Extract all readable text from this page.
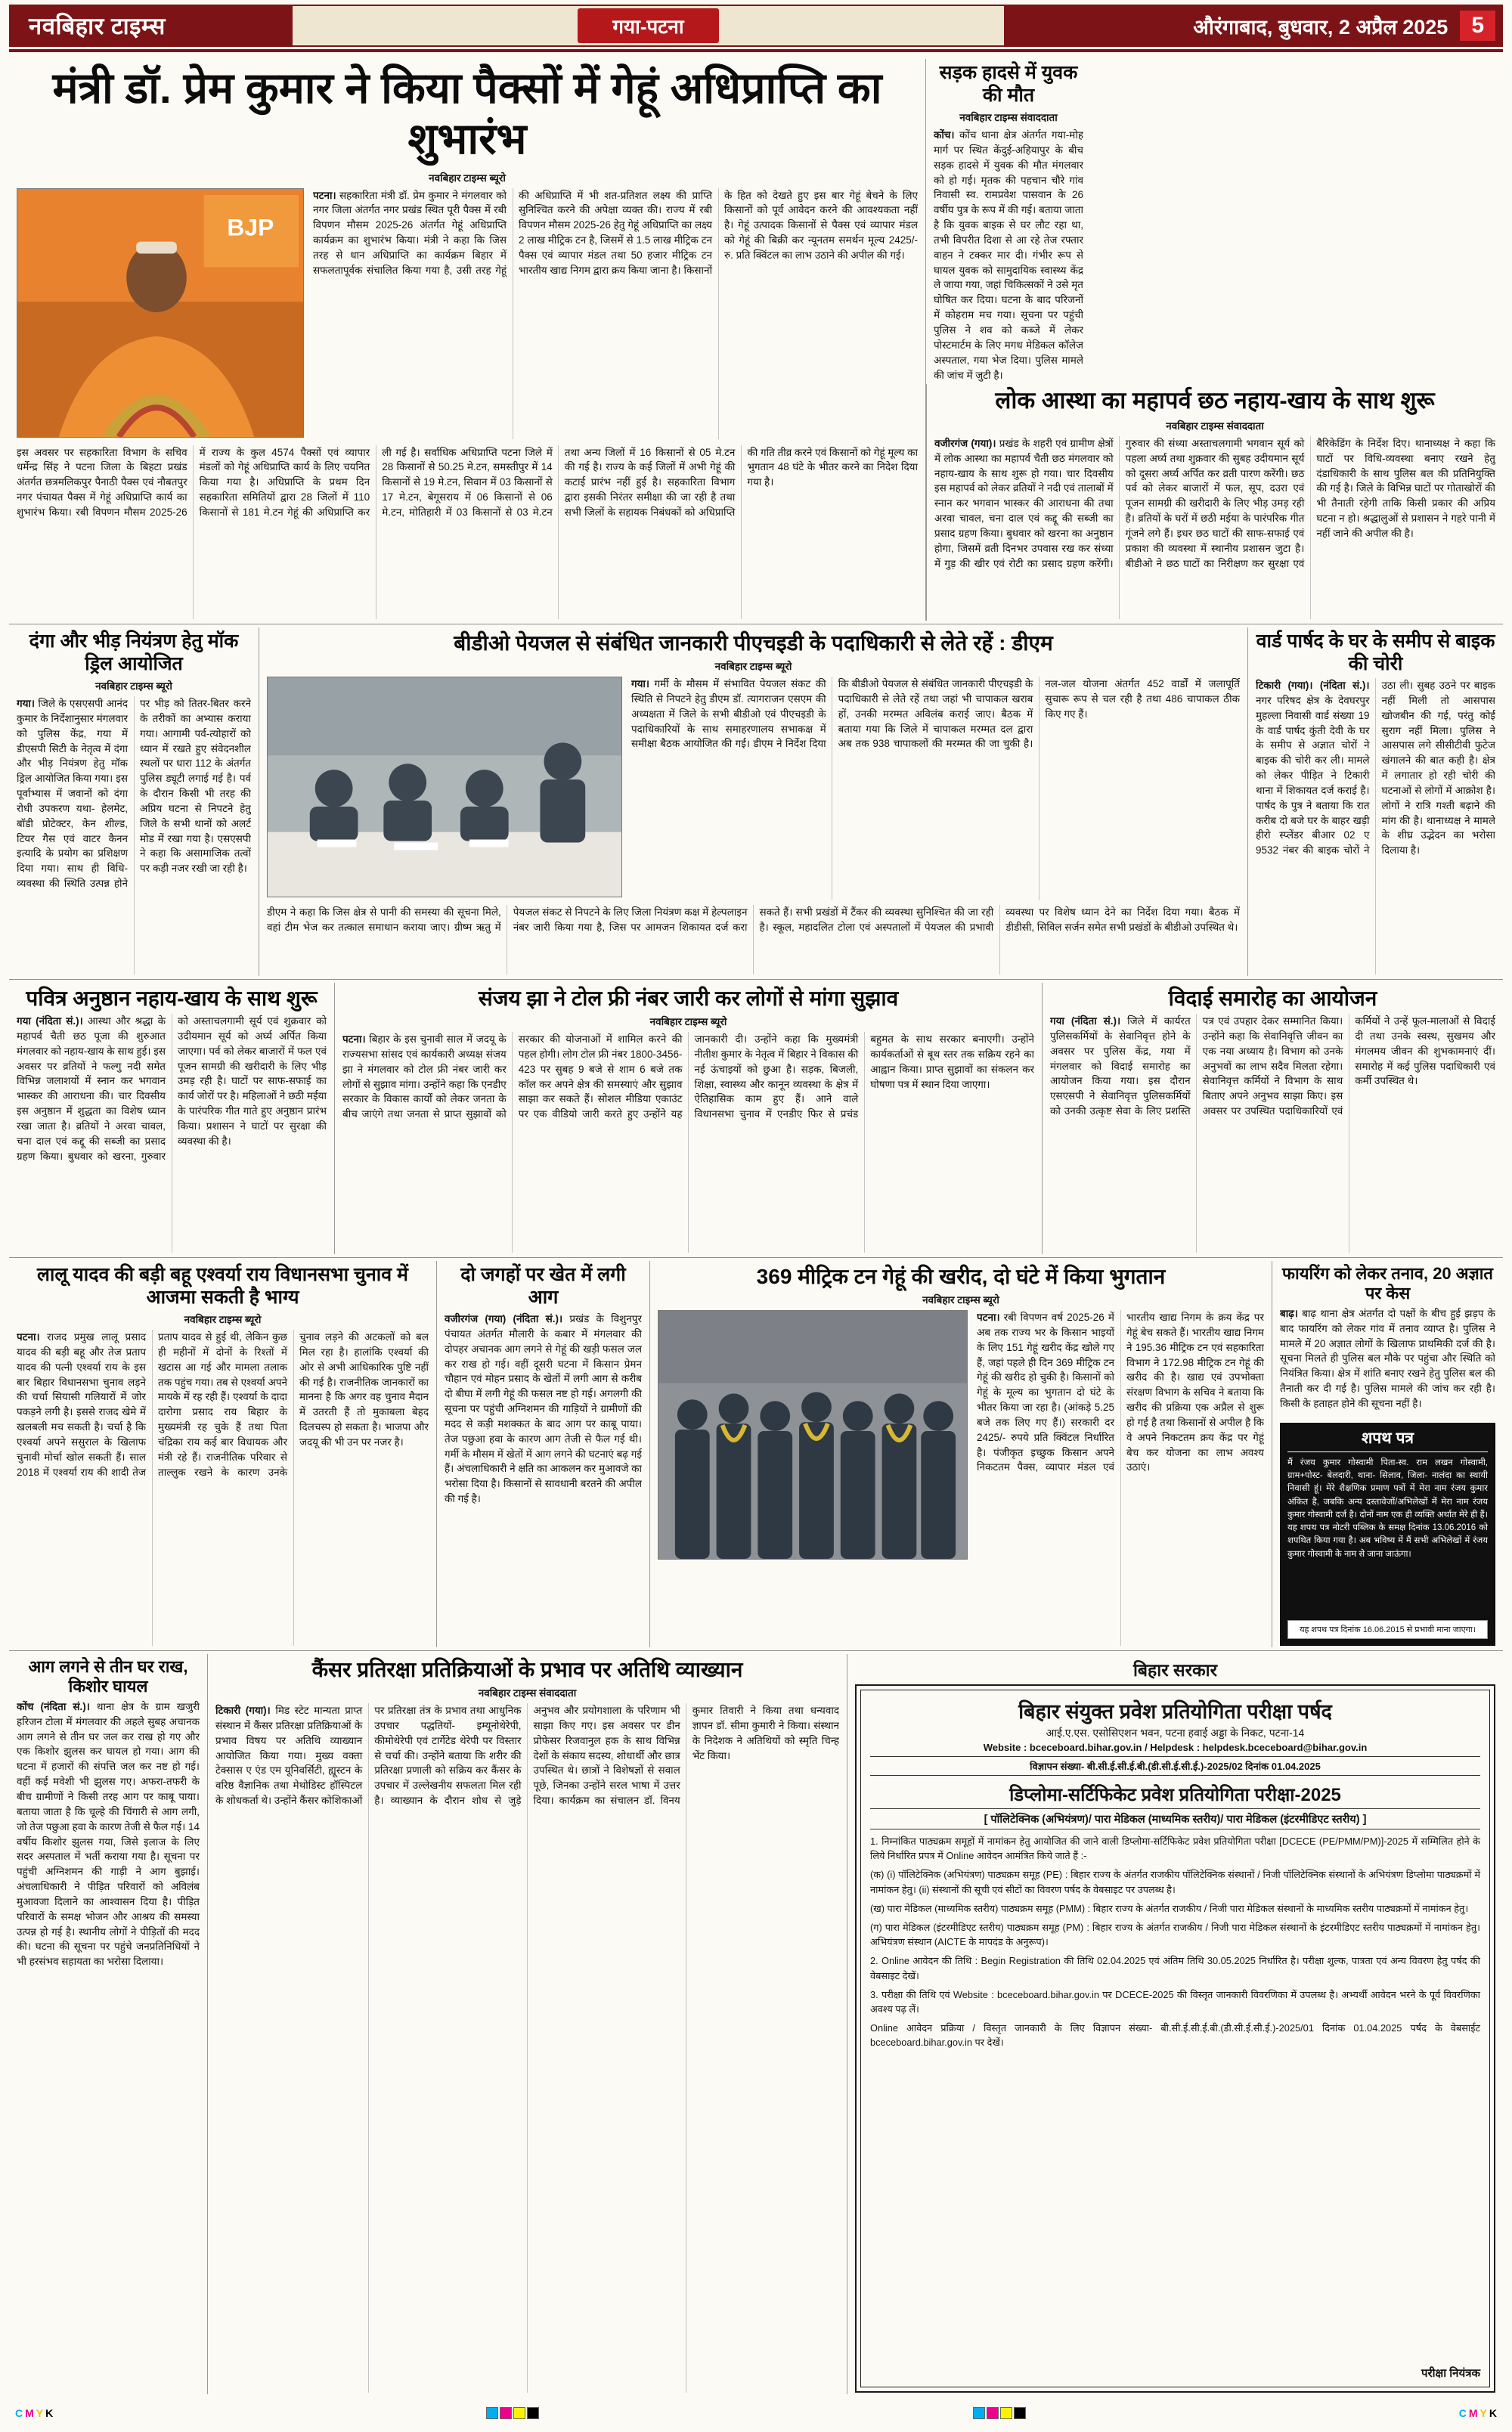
नवबिहार टाइम्स	गया-पटना	औरंगाबाद, बुधवार, 2 अप्रैल 2025	5
मंत्री डॉ. प्रेम कुमार ने किया पैक्सों में गेहूं अधिप्राप्ति का शुभारंभ
नवबिहार टाइम्स ब्यूरो
BJP

पटना। सहकारिता मंत्री डॉ. प्रेम कुमार ने मंगलवार को नगर जिला अंतर्गत नगर प्रखंड स्थित पूरी पैक्स में रबी विपणन मौसम 2025-26 अंतर्गत गेहूं अधिप्राप्ति कार्यक्रम का शुभारंभ किया। मंत्री ने कहा कि जिस तरह से धान अधिप्राप्ति का कार्यक्रम बिहार में सफलतापूर्वक संचालित किया गया है, उसी तरह गेहूं की अधिप्राप्ति में भी शत-प्रतिशत लक्ष्य की प्राप्ति सुनिश्चित करने की अपेक्षा व्यक्त की। राज्य में रबी विपणन मौसम 2025-26 हेतु गेहूं अधिप्राप्ति का लक्ष्य 2 लाख मीट्रिक टन है, जिसमें से 1.5 लाख मीट्रिक टन पैक्स एवं व्यापार मंडल तथा 50 हजार मीट्रिक टन भारतीय खाद्य निगम द्वारा क्रय किया जाना है। किसानों के हित को देखते हुए इस बार गेहूं बेचने के लिए किसानों को पूर्व आवेदन करने की आवश्यकता नहीं है। गेहूं उत्पादक किसानों से पैक्स एवं व्यापार मंडल को गेहूं की बिक्री कर न्यूनतम समर्थन मूल्य 2425/- रु. प्रति क्विंटल का लाभ उठाने की अपील की गई।

इस अवसर पर सहकारिता विभाग के सचिव धर्मेन्द्र सिंह ने पटना जिला के बिहटा प्रखंड अंतर्गत छत्रमलिकपुर पैनाठी पैक्स एवं नौबतपुर नगर पंचायत पैक्स में गेहूं अधिप्राप्ति कार्य का शुभारंभ किया। रबी विपणन मौसम 2025-26 में राज्य के कुल 4574 पैक्सों एवं व्यापार मंडलों को गेहूं अधिप्राप्ति कार्य के लिए चयनित किया गया है। अधिप्राप्ति के प्रथम दिन सहकारिता समितियों द्वारा 28 जिलों में 110 किसानों से 181 मे.टन गेहूं की अधिप्राप्ति कर ली गई है। सर्वाधिक अधिप्राप्ति पटना जिले में 28 किसानों से 50.25 मे.टन, समस्तीपुर में 14 किसानों से 19 मे.टन, सिवान में 03 किसानों से 17 मे.टन, बेगूसराय में 06 किसानों से 06 मे.टन, मोतिहारी में 03 किसानों से 03 मे.टन तथा अन्य जिलों में 16 किसानों से 05 मे.टन की गई है। राज्य के कई जिलों में अभी गेहूं की कटाई प्रारंभ नहीं हुई है। सहकारिता विभाग द्वारा इसकी निरंतर समीक्षा की जा रही है तथा सभी जिलों के सहायक निबंधकों को अधिप्राप्ति की गति तीव्र करने एवं किसानों को गेहूं मूल्य का भुगतान 48 घंटे के भीतर करने का निदेश दिया गया है।

सड़क हादसे में युवक की मौत
नवबिहार टाइम्स संवाददाता

कोंच। कोंच थाना क्षेत्र अंतर्गत गया-मोह मार्ग पर स्थित केंदुई-अहियापुर के बीच सड़क हादसे में युवक की मौत मंगलवार को हो गई। मृतक की पहचान चौरे गांव निवासी स्व. रामप्रवेश पासवान के 26 वर्षीय पुत्र के रूप में की गई। बताया जाता है कि युवक बाइक से घर लौट रहा था, तभी विपरीत दिशा से आ रहे तेज रफ्तार वाहन ने टक्कर मार दी। गंभीर रूप से घायल युवक को सामुदायिक स्वास्थ्य केंद्र ले जाया गया, जहां चिकित्सकों ने उसे मृत घोषित कर दिया। घटना के बाद परिजनों में कोहराम मच गया। सूचना पर पहुंची पुलिस ने शव को कब्जे में लेकर पोस्टमार्टम के लिए मगध मेडिकल कॉलेज अस्पताल, गया भेज दिया। पुलिस मामले की जांच में जुटी है।

लोक आस्था का महापर्व छठ नहाय-खाय के साथ शुरू
नवबिहार टाइम्स संवाददाता

वजीरगंज (गया)। प्रखंड के शहरी एवं ग्रामीण क्षेत्रों में लोक आस्था का महापर्व चैती छठ मंगलवार को नहाय-खाय के साथ शुरू हो गया। चार दिवसीय इस महापर्व को लेकर व्रतियों ने नदी एवं तालाबों में स्नान कर भगवान भास्कर की आराधना की तथा अरवा चावल, चना दाल एवं कद्दू की सब्जी का प्रसाद ग्रहण किया। बुधवार को खरना का अनुष्ठान होगा, जिसमें व्रती दिनभर उपवास रख कर संध्या में गुड़ की खीर एवं रोटी का प्रसाद ग्रहण करेंगी। गुरुवार की संध्या अस्ताचलगामी भगवान सूर्य को पहला अर्घ्य तथा शुक्रवार की सुबह उदीयमान सूर्य को दूसरा अर्घ्य अर्पित कर व्रती पारण करेंगी। छठ पर्व को लेकर बाजारों में फल, सूप, दउरा एवं पूजन सामग्री की खरीदारी के लिए भीड़ उमड़ रही है। व्रतियों के घरों में छठी मईया के पारंपरिक गीत गूंजने लगे हैं। इधर छठ घाटों की साफ-सफाई एवं प्रकाश की व्यवस्था में स्थानीय प्रशासन जुटा है। बीडीओ ने छठ घाटों का निरीक्षण कर सुरक्षा एवं बैरिकेडिंग के निर्देश दिए। थानाध्यक्ष ने कहा कि घाटों पर विधि-व्यवस्था बनाए रखने हेतु दंडाधिकारी के साथ पुलिस बल की प्रतिनियुक्ति की गई है। जिले के विभिन्न घाटों पर गोताखोरों की भी तैनाती रहेगी ताकि किसी प्रकार की अप्रिय घटना न हो। श्रद्धालुओं से प्रशासन ने गहरे पानी में नहीं जाने की अपील की है।

दंगा और भीड़ नियंत्रण हेतु मॉक ड्रिल आयोजित
नवबिहार टाइम्स ब्यूरो

गया। जिले के एसएसपी आनंद कुमार के निर्देशानुसार मंगलवार को पुलिस केंद्र, गया में डीएसपी सिटी के नेतृत्व में दंगा और भीड़ नियंत्रण हेतु मॉक ड्रिल आयोजित किया गया। इस पूर्वाभ्यास में जवानों को दंगा रोधी उपकरण यथा- हेलमेट, बॉडी प्रोटेक्टर, केन शील्ड, टियर गैस एवं वाटर कैनन इत्यादि के प्रयोग का प्रशिक्षण दिया गया। साथ ही विधि-व्यवस्था की स्थिति उत्पन्न होने पर भीड़ को तितर-बितर करने के तरीकों का अभ्यास कराया गया। आगामी पर्व-त्योहारों को ध्यान में रखते हुए संवेदनशील स्थलों पर धारा 112 के अंतर्गत पुलिस ड्यूटी लगाई गई है। पर्व के दौरान किसी भी तरह की अप्रिय घटना से निपटने हेतु जिले के सभी थानों को अलर्ट मोड में रखा गया है। एसएसपी ने कहा कि असामाजिक तत्वों पर कड़ी नजर रखी जा रही है।

बीडीओ पेयजल से संबंधित जानकारी पीएचइडी के पदाधिकारी से लेते रहें : डीएम
नवबिहार टाइम्स ब्यूरो

गया। गर्मी के मौसम में संभावित पेयजल संकट की स्थिति से निपटने हेतु डीएम डॉ. त्यागराजन एसएम की अध्यक्षता में जिले के सभी बीडीओ एवं पीएचइडी के पदाधिकारियों के साथ समाहरणालय सभाकक्ष में समीक्षा बैठक आयोजित की गई। डीएम ने निर्देश दिया कि बीडीओ पेयजल से संबंधित जानकारी पीएचइडी के पदाधिकारी से लेते रहें तथा जहां भी चापाकल खराब हों, उनकी मरम्मत अविलंब कराई जाए। बैठक में बताया गया कि जिले में चापाकल मरम्मत दल द्वारा अब तक 938 चापाकलों की मरम्मत की जा चुकी है। नल-जल योजना अंतर्गत 452 वार्डों में जलापूर्ति सुचारू रूप से चल रही है तथा 486 चापाकल ठीक किए गए हैं।

डीएम ने कहा कि जिस क्षेत्र से पानी की समस्या की सूचना मिले, वहां टीम भेज कर तत्काल समाधान कराया जाए। ग्रीष्म ऋतु में पेयजल संकट से निपटने के लिए जिला नियंत्रण कक्ष में हेल्पलाइन नंबर जारी किया गया है, जिस पर आमजन शिकायत दर्ज करा सकते हैं। सभी प्रखंडों में टैंकर की व्यवस्था सुनिश्चित की जा रही है। स्कूल, महादलित टोला एवं अस्पतालों में पेयजल की प्रभावी व्यवस्था पर विशेष ध्यान देने का निर्देश दिया गया। बैठक में डीडीसी, सिविल सर्जन समेत सभी प्रखंडों के बीडीओ उपस्थित थे।

वार्ड पार्षद के घर के समीप से बाइक की चोरी

टिकारी (गया)। (नंदिता सं.)। नगर परिषद क्षेत्र के देवघरपुर मुहल्ला निवासी वार्ड संख्या 19 के वार्ड पार्षद कुंती देवी के घर के समीप से अज्ञात चोरों ने बाइक की चोरी कर ली। मामले को लेकर पीड़ित ने टिकारी थाना में शिकायत दर्ज कराई है। पार्षद के पुत्र ने बताया कि रात करीब दो बजे घर के बाहर खड़ी हीरो स्प्लेंडर बीआर 02 ए 9532 नंबर की बाइक चोरों ने उठा ली। सुबह उठने पर बाइक नहीं मिली तो आसपास खोजबीन की गई, परंतु कोई सुराग नहीं मिला। पुलिस ने आसपास लगे सीसीटीवी फुटेज खंगालने की बात कही है। क्षेत्र में लगातार हो रही चोरी की घटनाओं से लोगों में आक्रोश है। लोगों ने रात्रि गश्ती बढ़ाने की मांग की है। थानाध्यक्ष ने मामले के शीघ्र उद्भेदन का भरोसा दिलाया है।

पवित्र अनुष्ठान नहाय-खाय के साथ शुरू

गया (नंदिता सं.)। आस्था और श्रद्धा के महापर्व चैती छठ पूजा की शुरुआत मंगलवार को नहाय-खाय के साथ हुई। इस अवसर पर व्रतियों ने फल्गु नदी समेत विभिन्न जलाशयों में स्नान कर भगवान भास्कर की आराधना की। चार दिवसीय इस अनुष्ठान में शुद्धता का विशेष ध्यान रखा जाता है। व्रतियों ने अरवा चावल, चना दाल एवं कद्दू की सब्जी का प्रसाद ग्रहण किया। बुधवार को खरना, गुरुवार को अस्ताचलगामी सूर्य एवं शुक्रवार को उदीयमान सूर्य को अर्घ्य अर्पित किया जाएगा। पर्व को लेकर बाजारों में फल एवं पूजन सामग्री की खरीदारी के लिए भीड़ उमड़ रही है। घाटों पर साफ-सफाई का कार्य जोरों पर है। महिलाओं ने छठी मईया के पारंपरिक गीत गाते हुए अनुष्ठान प्रारंभ किया। प्रशासन ने घाटों पर सुरक्षा की व्यवस्था की है।

संजय झा ने टोल फ्री नंबर जारी कर लोगों से मांगा सुझाव
नवबिहार टाइम्स ब्यूरो

पटना। बिहार के इस चुनावी साल में जदयू के राज्यसभा सांसद एवं कार्यकारी अध्यक्ष संजय झा ने मंगलवार को टोल फ्री नंबर जारी कर लोगों से सुझाव मांगा। उन्होंने कहा कि एनडीए सरकार के विकास कार्यों को लेकर जनता के बीच जाएंगे तथा जनता से प्राप्त सुझावों को सरकार की योजनाओं में शामिल करने की पहल होगी। लोग टोल फ्री नंबर 1800-3456-423 पर सुबह 9 बजे से शाम 6 बजे तक कॉल कर अपने क्षेत्र की समस्याएं और सुझाव साझा कर सकते हैं। सोशल मीडिया एकाउंट पर एक वीडियो जारी करते हुए उन्होंने यह जानकारी दी। उन्होंने कहा कि मुख्यमंत्री नीतीश कुमार के नेतृत्व में बिहार ने विकास की नई ऊंचाइयों को छुआ है। सड़क, बिजली, शिक्षा, स्वास्थ्य और कानून व्यवस्था के क्षेत्र में ऐतिहासिक काम हुए हैं। आने वाले विधानसभा चुनाव में एनडीए फिर से प्रचंड बहुमत के साथ सरकार बनाएगी। उन्होंने कार्यकर्ताओं से बूथ स्तर तक सक्रिय रहने का आह्वान किया। प्राप्त सुझावों का संकलन कर घोषणा पत्र में स्थान दिया जाएगा।

विदाई समारोह का आयोजन

गया (नंदिता सं.)। जिले में कार्यरत पुलिसकर्मियों के सेवानिवृत्त होने के अवसर पर पुलिस केंद्र, गया में मंगलवार को विदाई समारोह का आयोजन किया गया। इस दौरान एसएसपी ने सेवानिवृत्त पुलिसकर्मियों को उनकी उत्कृष्ट सेवा के लिए प्रशस्ति पत्र एवं उपहार देकर सम्मानित किया। उन्होंने कहा कि सेवानिवृत्ति जीवन का एक नया अध्याय है। विभाग को उनके अनुभवों का लाभ सदैव मिलता रहेगा। सेवानिवृत्त कर्मियों ने विभाग के साथ बिताए अपने अनुभव साझा किए। इस अवसर पर उपस्थित पदाधिकारियों एवं कर्मियों ने उन्हें फूल-मालाओं से विदाई दी तथा उनके स्वस्थ, सुखमय और मंगलमय जीवन की शुभकामनाएं दीं। समारोह में कई पुलिस पदाधिकारी एवं कर्मी उपस्थित थे।

लालू यादव की बड़ी बहू एश्वर्या राय विधानसभा चुनाव में आजमा सकती है भाग्य
नवबिहार टाइम्स ब्यूरो

पटना। राजद प्रमुख लालू प्रसाद यादव की बड़ी बहू और तेज प्रताप यादव की पत्नी एश्वर्या राय के इस बार बिहार विधानसभा चुनाव लड़ने की चर्चा सियासी गलियारों में जोर पकड़ने लगी है। इससे राजद खेमे में खलबली मच सकती है। चर्चा है कि एश्वर्या अपने ससुराल के खिलाफ चुनावी मोर्चा खोल सकती हैं। साल 2018 में एश्वर्या राय की शादी तेज प्रताप यादव से हुई थी, लेकिन कुछ ही महीनों में दोनों के रिश्तों में खटास आ गई और मामला तलाक तक पहुंच गया। तब से एश्वर्या अपने मायके में रह रही हैं। एश्वर्या के दादा दारोगा प्रसाद राय बिहार के मुख्यमंत्री रह चुके हैं तथा पिता चंद्रिका राय कई बार विधायक और मंत्री रहे हैं। राजनीतिक परिवार से ताल्लुक रखने के कारण उनके चुनाव लड़ने की अटकलों को बल मिल रहा है। हालांकि एश्वर्या की ओर से अभी आधिकारिक पुष्टि नहीं की गई है। राजनीतिक जानकारों का मानना है कि अगर वह चुनाव मैदान में उतरती हैं तो मुकाबला बेहद दिलचस्प हो सकता है। भाजपा और जदयू की भी उन पर नजर है।

दो जगहों पर खेत में लगी आग

वजीरगंज (गया) (नंदिता सं.)। प्रखंड के विशुनपुर पंचायत अंतर्गत मौलारी के कबार में मंगलवार की दोपहर अचानक आग लगने से गेहूं की खड़ी फसल जल कर राख हो गई। वहीं दूसरी घटना में किसान प्रेमन चौहान एवं मोहन प्रसाद के खेतों में लगी आग से करीब दो बीघा में लगी गेहूं की फसल नष्ट हो गई। अगलगी की सूचना पर पहुंची अग्निशमन की गाड़ियों ने ग्रामीणों की मदद से कड़ी मशक्कत के बाद आग पर काबू पाया। तेज पछुआ हवा के कारण आग तेजी से फैल गई थी। गर्मी के मौसम में खेतों में आग लगने की घटनाएं बढ़ गई हैं। अंचलाधिकारी ने क्षति का आकलन कर मुआवजे का भरोसा दिया है। किसानों से सावधानी बरतने की अपील की गई है।

369 मीट्रिक टन गेहूं की खरीद, दो घंटे में किया भुगतान
नवबिहार टाइम्स ब्यूरो

पटना। रबी विपणन वर्ष 2025-26 में अब तक राज्य भर के किसान भाइयों के लिए 151 गेहूं खरीद केंद्र खोले गए हैं, जहां पहले ही दिन 369 मीट्रिक टन गेहूं की खरीद हो चुकी है। किसानों को गेहूं के मूल्य का भुगतान दो घंटे के भीतर किया जा रहा है। (आंकड़े 5.25 बजे तक लिए गए हैं।) सरकारी दर 2425/- रुपये प्रति क्विंटल निर्धारित है। पंजीकृत इच्छुक किसान अपने निकटतम पैक्स, व्यापार मंडल एवं भारतीय खाद्य निगम के क्रय केंद्र पर गेहूं बेच सकते हैं। भारतीय खाद्य निगम ने 195.36 मीट्रिक टन एवं सहकारिता विभाग ने 172.98 मीट्रिक टन गेहूं की खरीद की है। खाद्य एवं उपभोक्ता संरक्षण विभाग के सचिव ने बताया कि खरीद की प्रक्रिया एक अप्रैल से शुरू हो गई है तथा किसानों से अपील है कि वे अपने निकटतम क्रय केंद्र पर गेहूं बेच कर योजना का लाभ अवश्य उठाएं।

फायरिंग को लेकर तनाव, 20 अज्ञात पर केस

बाढ़। बाढ़ थाना क्षेत्र अंतर्गत दो पक्षों के बीच हुई झड़प के बाद फायरिंग को लेकर गांव में तनाव व्याप्त है। पुलिस ने मामले में 20 अज्ञात लोगों के खिलाफ प्राथमिकी दर्ज की है। सूचना मिलते ही पुलिस बल मौके पर पहुंचा और स्थिति को नियंत्रित किया। क्षेत्र में शांति बनाए रखने हेतु पुलिस बल की तैनाती कर दी गई है। पुलिस मामले की जांच कर रही है। किसी के हताहत होने की सूचना नहीं है।

शपथ पत्र
मैं रंजय कुमार गोस्वामी पिता-स्व. राम लखन गोस्वामी, ग्राम+पोस्ट- बेलदारी, थाना- सिलाव, जिला- नालंदा का स्थायी निवासी हूं। मेरे शैक्षणिक प्रमाण पत्रों में मेरा नाम रंजय कुमार अंकित है, जबकि अन्य दस्तावेजों/अभिलेखों में मेरा नाम रंजय कुमार गोस्वामी दर्ज है। दोनों नाम एक ही व्यक्ति अर्थात मेरे ही हैं। यह शपथ पत्र नोटरी पब्लिक के समक्ष दिनांक 13.06.2016 को शपथित किया गया है। अब भविष्य में मैं सभी अभिलेखों में रंजय कुमार गोस्वामी के नाम से जाना जाऊंगा।
यह शपथ पत्र दिनांक 16.06.2015 से प्रभावी माना जाएगा।
आग लगने से तीन घर राख, किशोर घायल

कोंच (नंदिता सं.)। थाना क्षेत्र के ग्राम खजुरी हरिजन टोला में मंगलवार की अहले सुबह अचानक आग लगने से तीन घर जल कर राख हो गए और एक किशोर झुलस कर घायल हो गया। आग की घटना में हजारों की संपत्ति जल कर नष्ट हो गई। वहीं कई मवेशी भी झुलस गए। अफरा-तफरी के बीच ग्रामीणों ने किसी तरह आग पर काबू पाया। बताया जाता है कि चूल्हे की चिंगारी से आग लगी, जो तेज पछुआ हवा के कारण तेजी से फैल गई। 14 वर्षीय किशोर झुलस गया, जिसे इलाज के लिए सदर अस्पताल में भर्ती कराया गया है। सूचना पर पहुंची अग्निशमन की गाड़ी ने आग बुझाई। अंचलाधिकारी ने पीड़ित परिवारों को अविलंब मुआवजा दिलाने का आश्वासन दिया है। पीड़ित परिवारों के समक्ष भोजन और आश्रय की समस्या उत्पन्न हो गई है। स्थानीय लोगों ने पीड़ितों की मदद की। घटना की सूचना पर पहुंचे जनप्रतिनिधियों ने भी हरसंभव सहायता का भरोसा दिलाया।

कैंसर प्रतिरक्षा प्रतिक्रियाओं के प्रभाव पर अतिथि व्याख्यान
नवबिहार टाइम्स संवाददाता

टिकारी (गया)। मिड स्टेट मान्यता प्राप्त संस्थान में कैंसर प्रतिरक्षा प्रतिक्रियाओं के प्रभाव विषय पर अतिथि व्याख्यान आयोजित किया गया। मुख्य वक्ता टेक्सास ए एंड एम यूनिवर्सिटी, ह्यूस्टन के वरिष्ठ वैज्ञानिक तथा मेथोडिस्ट हॉस्पिटल के शोधकर्ता थे। उन्होंने कैंसर कोशिकाओं पर प्रतिरक्षा तंत्र के प्रभाव तथा आधुनिक उपचार पद्धतियों- इम्यूनोथेरेपी, कीमोथेरेपी एवं टार्गेटेड थेरेपी पर विस्तार से चर्चा की। उन्होंने बताया कि शरीर की प्रतिरक्षा प्रणाली को सक्रिय कर कैंसर के उपचार में उल्लेखनीय सफलता मिल रही है। व्याख्यान के दौरान शोध से जुड़े अनुभव और प्रयोगशाला के परिणाम भी साझा किए गए। इस अवसर पर डीन प्रोफेसर रिजवानुल हक के साथ विभिन्न देशों के संकाय सदस्य, शोधार्थी और छात्र उपस्थित थे। छात्रों ने विशेषज्ञों से सवाल पूछे, जिनका उन्होंने सरल भाषा में उत्तर दिया। कार्यक्रम का संचालन डॉ. विनय कुमार तिवारी ने किया तथा धन्यवाद ज्ञापन डॉ. सीमा कुमारी ने किया। संस्थान के निदेशक ने अतिथियों को स्मृति चिन्ह भेंट किया।

बिहार सरकार
बिहार संयुक्त प्रवेश प्रतियोगिता परीक्षा पर्षद
आई.ए.एस. एसोसिएशन भवन, पटना हवाई अड्डा के निकट, पटना-14
Website : bceceboard.bihar.gov.in / Helpdesk : helpdesk.bceceboard@bihar.gov.in
विज्ञापन संख्या- बी.सी.ई.सी.ई.बी.(डी.सी.ई.सी.ई.)-2025/02 दिनांक 01.04.2025
डिप्लोमा-सर्टिफिकेट प्रवेश प्रतियोगिता परीक्षा-2025
[ पॉलिटेक्निक (अभियंत्रण)/ पारा मेडिकल (माध्यमिक स्तरीय)/ पारा मेडिकल (इंटरमीडिएट स्तरीय) ]
1. निम्नांकित पाठ्यक्रम समूहों में नामांकन हेतु आयोजित की जाने वाली डिप्लोमा-सर्टिफिकेट प्रवेश प्रतियोगिता परीक्षा [DCECE (PE/PMM/PM)]-2025 में सम्मिलित होने के लिये निर्धारित प्रपत्र में Online आवेदन आमंत्रित किये जाते हैं :-
(क) (i) पॉलिटेक्निक (अभियंत्रण) पाठ्यक्रम समूह (PE) : बिहार राज्य के अंतर्गत राजकीय पॉलिटेक्निक संस्थानों / निजी पॉलिटेक्निक संस्थानों के अभियंत्रण डिप्लोमा पाठ्यक्रमों में नामांकन हेतु। (ii) संस्थानों की सूची एवं सीटों का विवरण पर्षद के वेबसाइट पर उपलब्ध है।
(ख) पारा मेडिकल (माध्यमिक स्तरीय) पाठ्यक्रम समूह (PMM) : बिहार राज्य के अंतर्गत राजकीय / निजी पारा मेडिकल संस्थानों के माध्यमिक स्तरीय पाठ्यक्रमों में नामांकन हेतु।
(ग) पारा मेडिकल (इंटरमीडिएट स्तरीय) पाठ्यक्रम समूह (PM) : बिहार राज्य के अंतर्गत राजकीय / निजी पारा मेडिकल संस्थानों के इंटरमीडिएट स्तरीय पाठ्यक्रमों में नामांकन हेतु। अभियंत्रण संस्थान (AICTE के मापदंड के अनुरूप)।
2. Online आवेदन की तिथि : Begin Registration की तिथि 02.04.2025 एवं अंतिम तिथि 30.05.2025 निर्धारित है। परीक्षा शुल्क, पात्रता एवं अन्य विवरण हेतु पर्षद की वेबसाइट देखें।
3. परीक्षा की तिथि एवं Website : bceceboard.bihar.gov.in पर DCECE-2025 की विस्तृत जानकारी विवरणिका में उपलब्ध है। अभ्यर्थी आवेदन भरने के पूर्व विवरणिका अवश्य पढ़ लें।
Online आवेदन प्रक्रिया / विस्तृत जानकारी के लिए विज्ञापन संख्या- बी.सी.ई.सी.ई.बी.(डी.सी.ई.सी.ई.)-2025/01 दिनांक 01.04.2025 पर्षद के वेबसाईट bceceboard.bihar.gov.in पर देखें।
परीक्षा नियंत्रक
C M Y K	C M Y K
